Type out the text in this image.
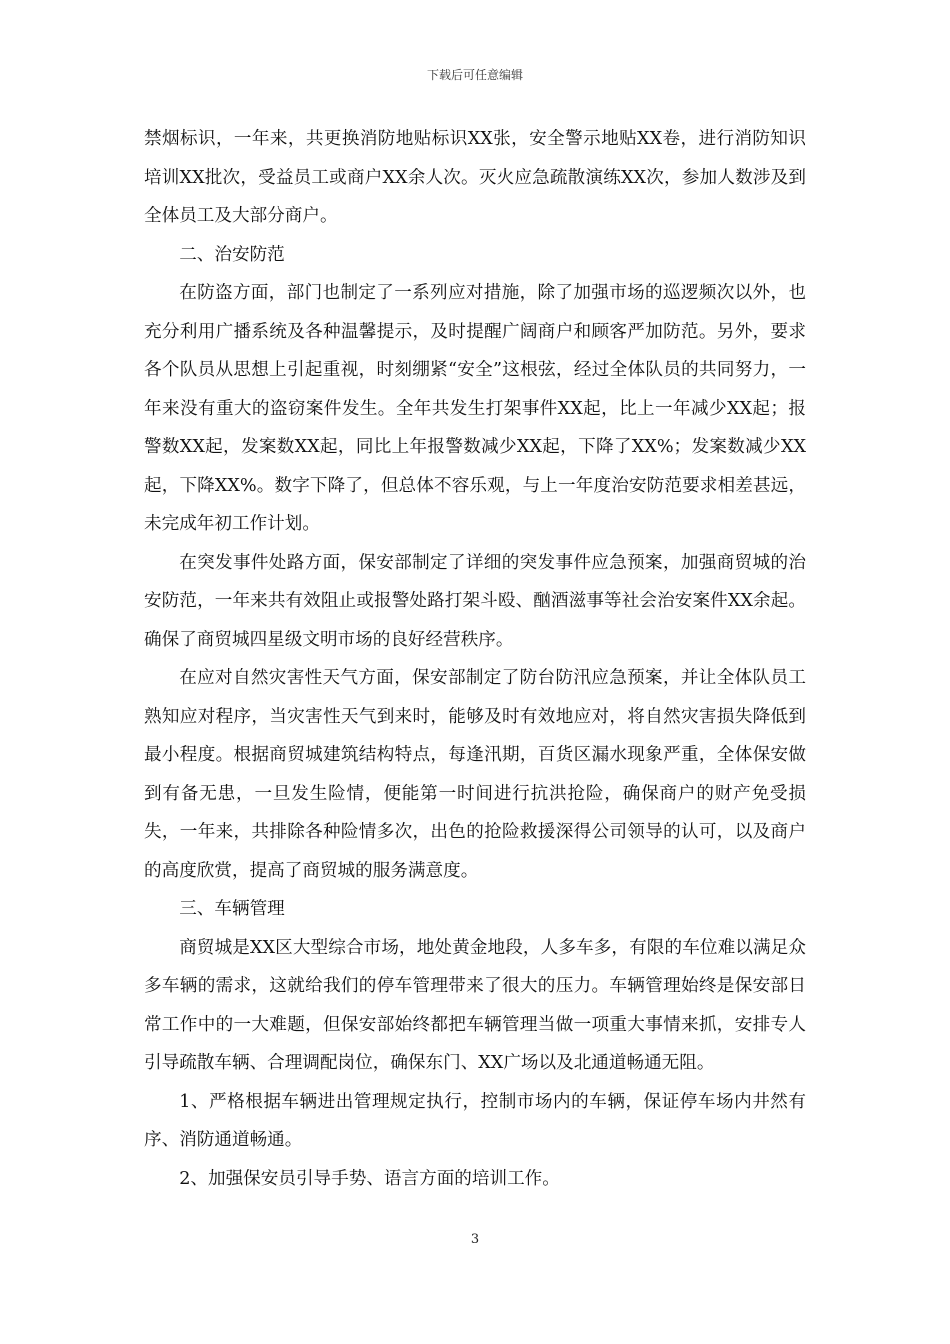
下载后可任意编辑

禁烟标识，一年来，共更换消防地贴标识XX张，安全警示地贴XX卷，进行消防知识培训XX批次，受益员工或商户XX余人次。灭火应急疏散演练XX次，参加人数涉及到全体员工及大部分商户。

二、治安防范

在防盗方面，部门也制定了一系列应对措施，除了加强市场的巡逻频次以外，也充分利用广播系统及各种温馨提示，及时提醒广阔商户和顾客严加防范。另外，要求各个队员从思想上引起重视，时刻绷紧“安全”这根弦，经过全体队员的共同努力，一年来没有重大的盗窃案件发生。全年共发生打架事件XX起，比上一年减少XX起；报警数XX起，发案数XX起，同比上年报警数减少XX起，下降了XX%；发案数减少XX起，下降XX%。数字下降了，但总体不容乐观，与上一年度治安防范要求相差甚远，未完成年初工作计划。

在突发事件处路方面，保安部制定了详细的突发事件应急预案，加强商贸城的治安防范，一年来共有效阻止或报警处路打架斗殴、酗酒滋事等社会治安案件XX余起。确保了商贸城四星级文明市场的良好经营秩序。

在应对自然灾害性天气方面，保安部制定了防台防汛应急预案，并让全体队员工熟知应对程序，当灾害性天气到来时，能够及时有效地应对，将自然灾害损失降低到最小程度。根据商贸城建筑结构特点，每逢汛期，百货区漏水现象严重，全体保安做到有备无患，一旦发生险情，便能第一时间进行抗洪抢险，确保商户的财产免受损失，一年来，共排除各种险情多次，出色的抢险救援深得公司领导的认可，以及商户的高度欣赏，提高了商贸城的服务满意度。

三、车辆管理

商贸城是XX区大型综合市场，地处黄金地段，人多车多，有限的车位难以满足众多车辆的需求，这就给我们的停车管理带来了很大的压力。车辆管理始终是保安部日常工作中的一大难题，但保安部始终都把车辆管理当做一项重大事情来抓，安排专人引导疏散车辆、合理调配岗位，确保东门、XX广场以及北通道畅通无阻。

1、严格根据车辆进出管理规定执行，控制市场内的车辆，保证停车场内井然有序、消防通道畅通。

2、加强保安员引导手势、语言方面的培训工作。

3
